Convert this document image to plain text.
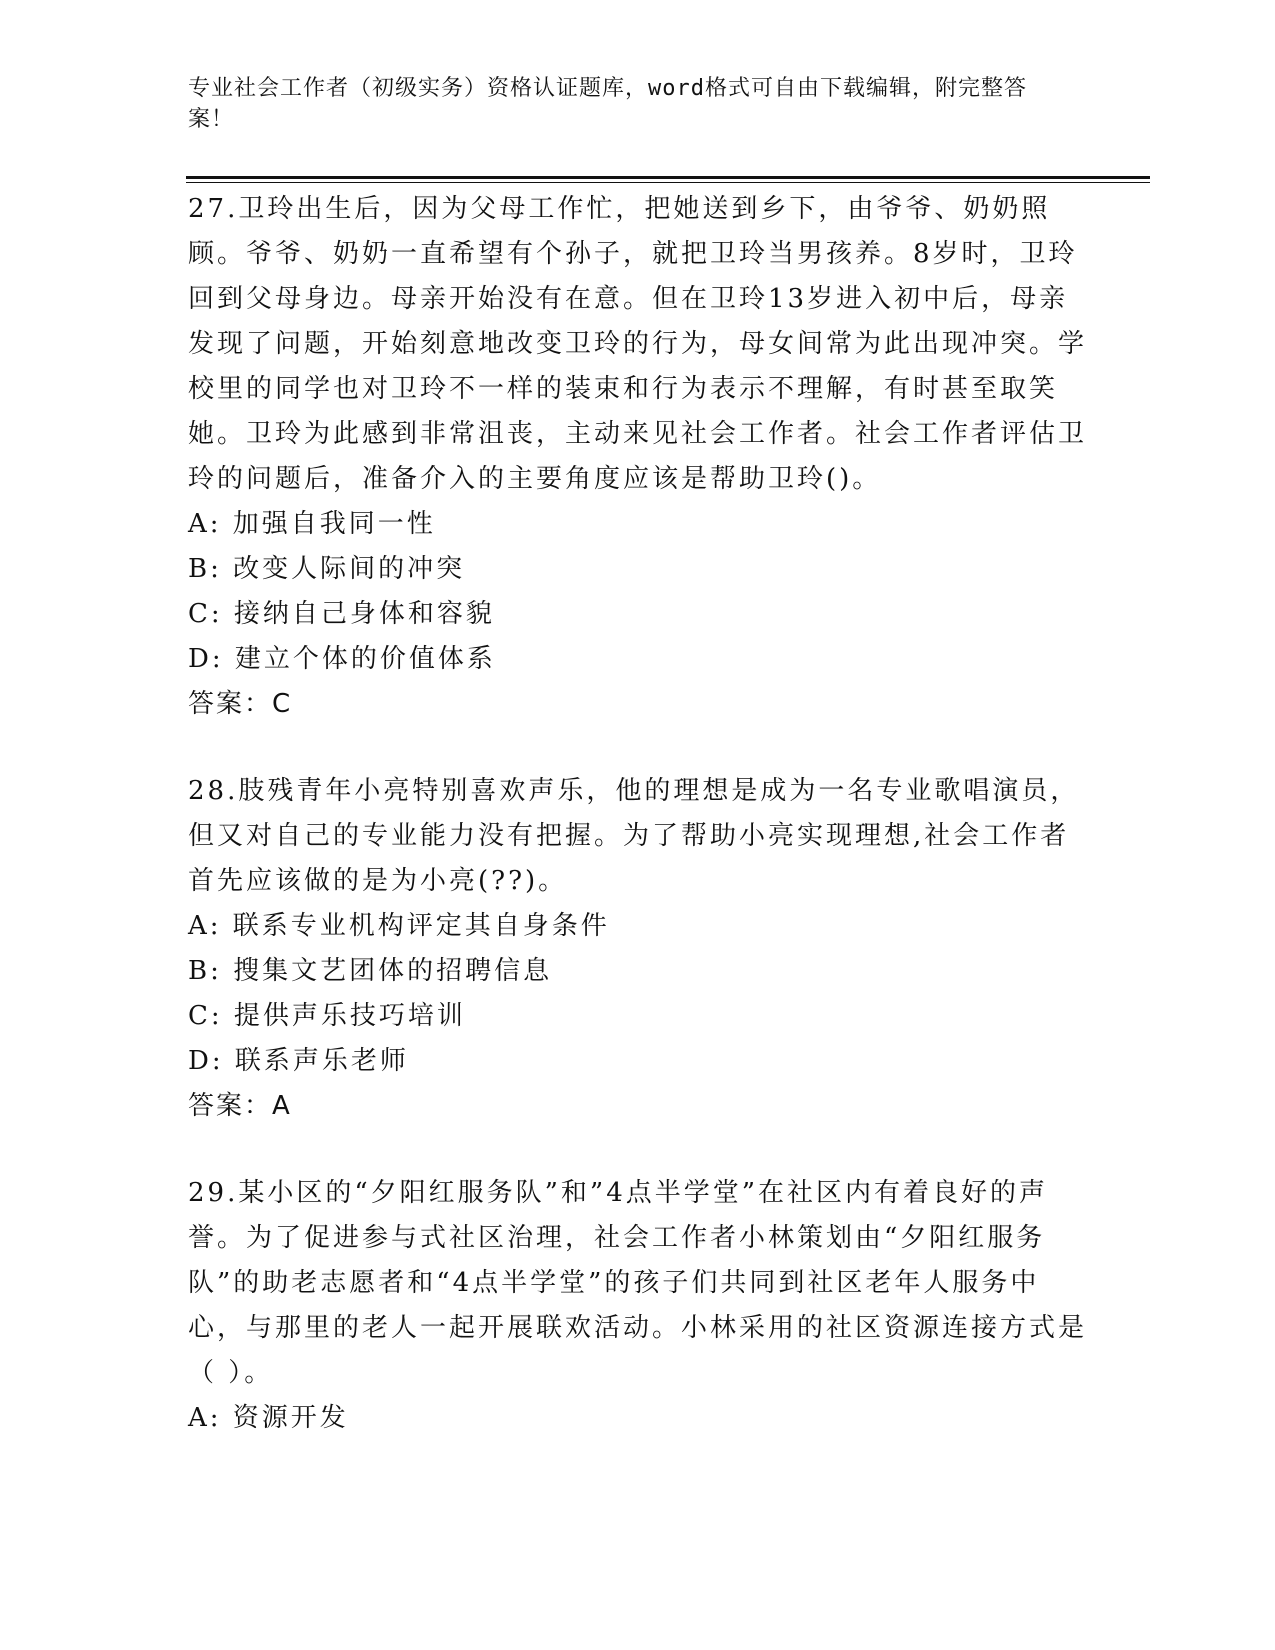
专业社会工作者（初级实务）资格认证题库，word格式可自由下载编辑，附完整答案！
27.卫玲出生后，因为父母工作忙，把她送到乡下，由爷爷、奶奶照顾。爷爷、奶奶一直希望有个孙子，就把卫玲当男孩养。8岁时，卫玲回到父母身边。母亲开始没有在意。但在卫玲13岁进入初中后，母亲发现了问题，开始刻意地改变卫玲的行为，母女间常为此出现冲突。学校里的同学也对卫玲不一样的装束和行为表示不理解，有时甚至取笑她。卫玲为此感到非常沮丧，主动来见社会工作者。社会工作者评估卫玲的问题后，准备介入的主要角度应该是帮助卫玲()。
A: 加强自我同一性
B: 改变人际间的冲突
C: 接纳自己身体和容貌
D: 建立个体的价值体系
答案：C
28.肢残青年小亮特别喜欢声乐，他的理想是成为一名专业歌唱演员，但又对自己的专业能力没有把握。为了帮助小亮实现理想,社会工作者首先应该做的是为小亮(??)。
A: 联系专业机构评定其自身条件
B: 搜集文艺团体的招聘信息
C: 提供声乐技巧培训
D: 联系声乐老师
答案：A
29.某小区的“夕阳红服务队”和”4点半学堂”在社区内有着良好的声誉。为了促进参与式社区治理，社会工作者小林策划由“夕阳红服务队”的助老志愿者和“4点半学堂”的孩子们共同到社区老年人服务中心，与那里的老人一起开展联欢活动。小林采用的社区资源连接方式是（ ）。
A: 资源开发
